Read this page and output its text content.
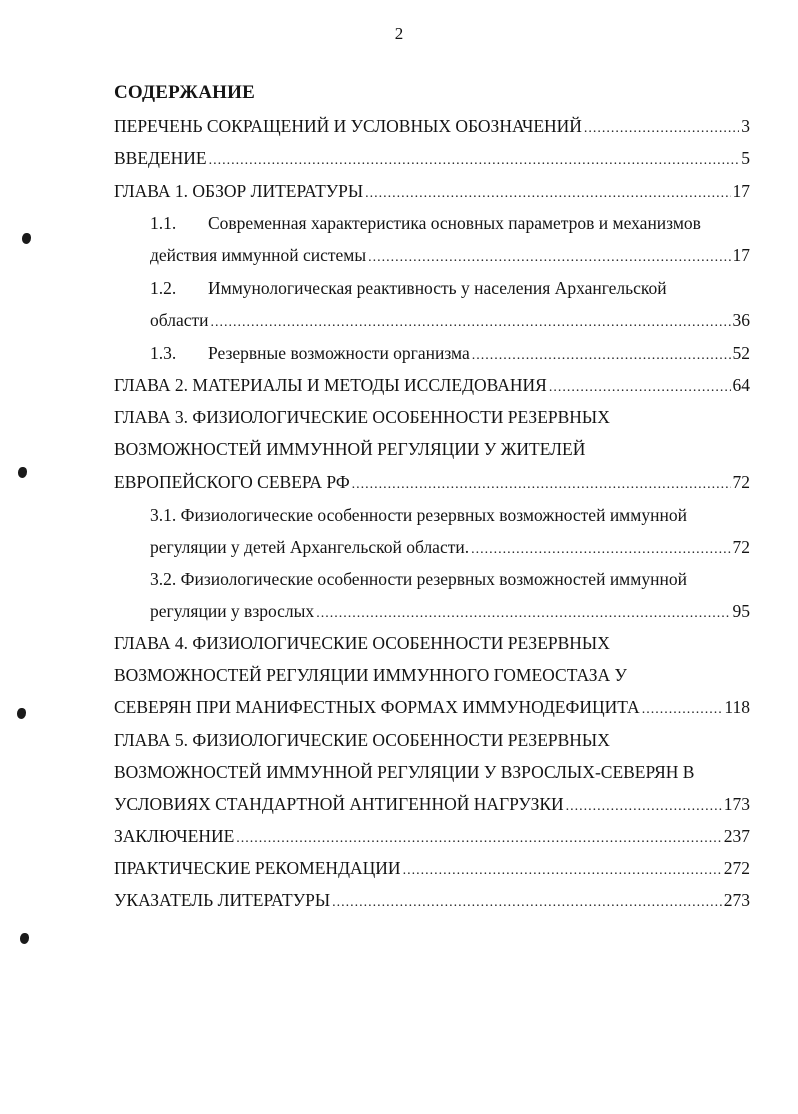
2
СОДЕРЖАНИЕ
ПЕРЕЧЕНЬ СОКРАЩЕНИЙ И УСЛОВНЫХ ОБОЗНАЧЕНИЙ .....	3
ВВЕДЕНИЕ .....	5
ГЛАВА 1. ОБЗОР ЛИТЕРАТУРЫ .....	17
1.1. Современная характеристика основных параметров и механизмов
действия иммунной системы .....	17
1.2. Иммунологическая реактивность у населения Архангельской
области .....	36
1.3. Резервные возможности организма .....	52
ГЛАВА 2. МАТЕРИАЛЫ И МЕТОДЫ ИССЛЕДОВАНИЯ .....	64
ГЛАВА 3. ФИЗИОЛОГИЧЕСКИЕ ОСОБЕННОСТИ РЕЗЕРВНЫХ
ВОЗМОЖНОСТЕЙ ИММУННОЙ РЕГУЛЯЦИИ У ЖИТЕЛЕЙ
ЕВРОПЕЙСКОГО СЕВЕРА РФ .....	72
3.1. Физиологические особенности резервных возможностей иммунной
регуляции у детей Архангельской области. .....	72
3.2. Физиологические особенности резервных возможностей иммунной
регуляции у взрослых .....	95
ГЛАВА 4. ФИЗИОЛОГИЧЕСКИЕ ОСОБЕННОСТИ РЕЗЕРВНЫХ
ВОЗМОЖНОСТЕЙ РЕГУЛЯЦИИ ИММУННОГО ГОМЕОСТАЗА У
СЕВЕРЯН ПРИ МАНИФЕСТНЫХ ФОРМАХ ИММУНОДЕФИЦИТА .....	118
ГЛАВА 5. ФИЗИОЛОГИЧЕСКИЕ ОСОБЕННОСТИ РЕЗЕРВНЫХ
ВОЗМОЖНОСТЕЙ ИММУННОЙ РЕГУЛЯЦИИ У ВЗРОСЛЫХ-СЕВЕРЯН В
УСЛОВИЯХ СТАНДАРТНОЙ АНТИГЕННОЙ НАГРУЗКИ .....	173
ЗАКЛЮЧЕНИЕ .....	237
ПРАКТИЧЕСКИЕ РЕКОМЕНДАЦИИ .....	272
УКАЗАТЕЛЬ ЛИТЕРАТУРЫ .....	273
